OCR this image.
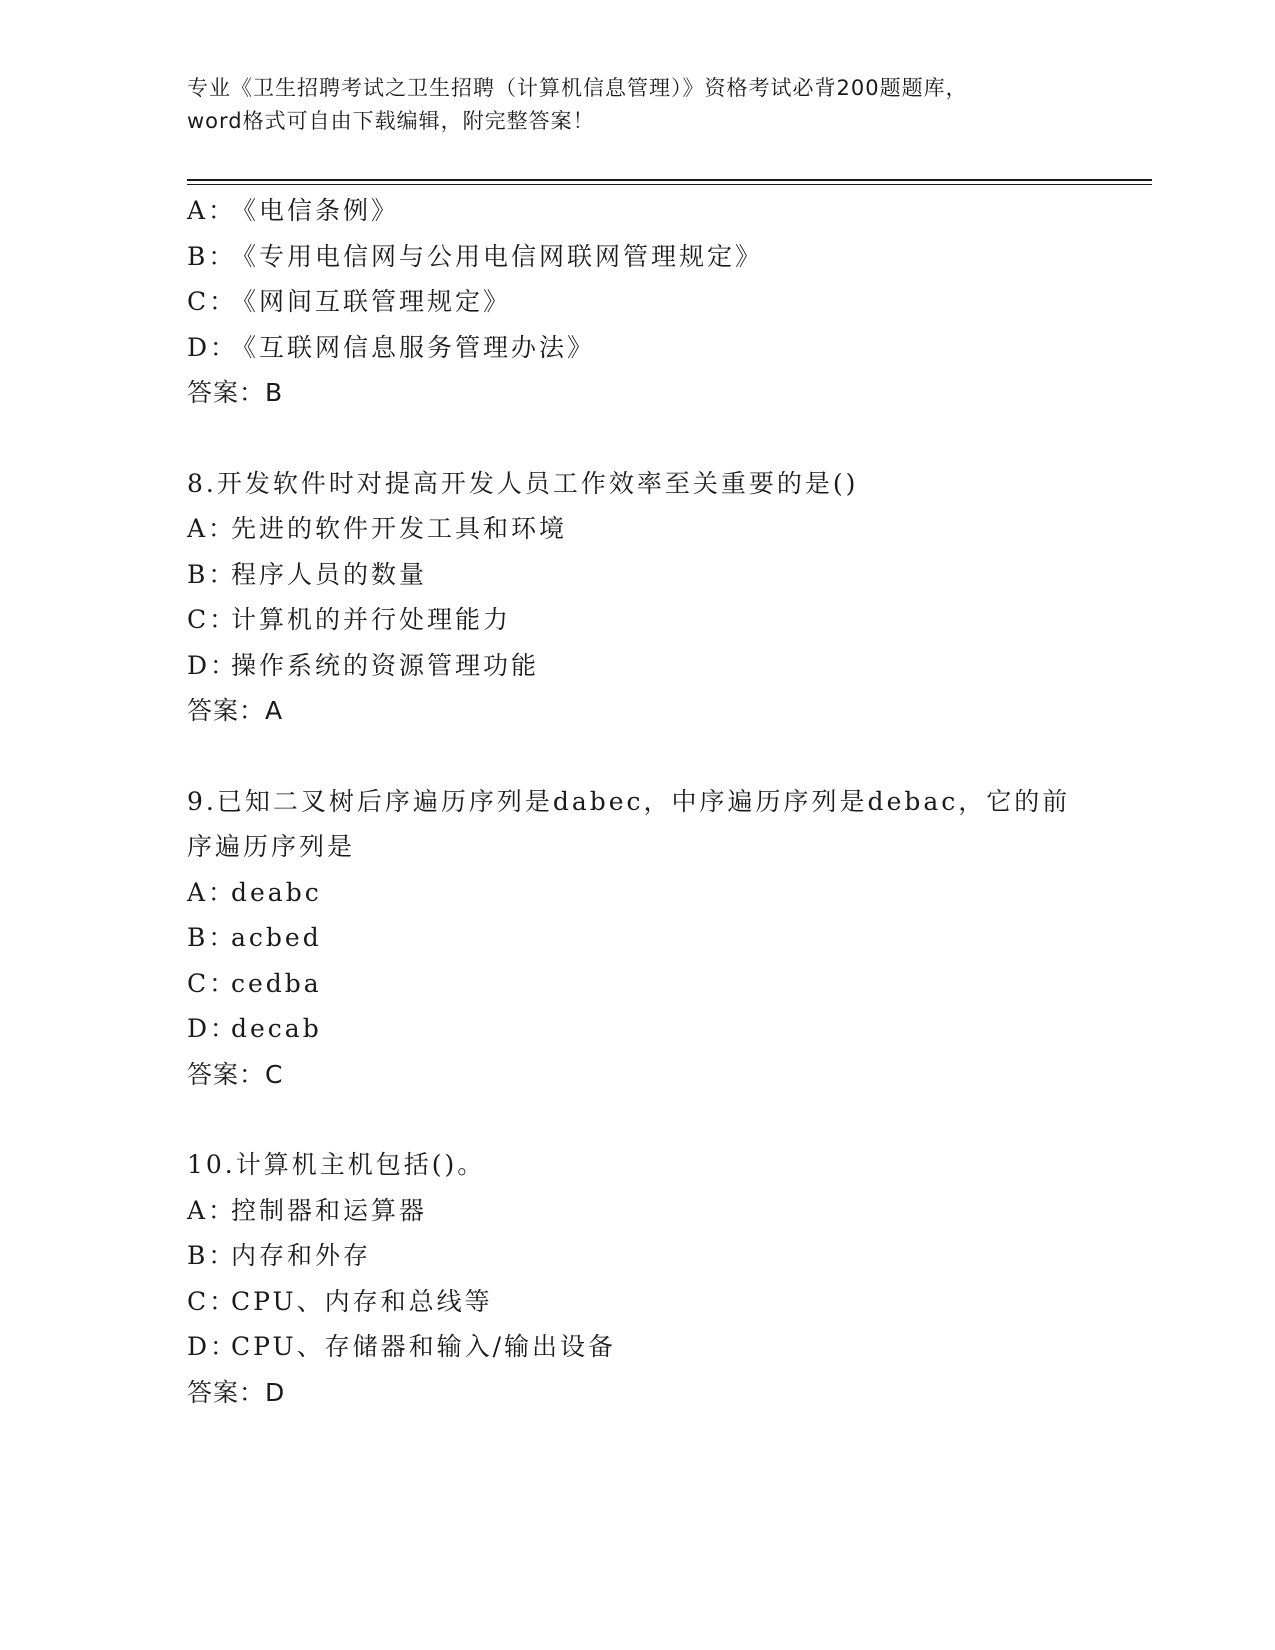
专业《卫生招聘考试之卫生招聘（计算机信息管理）》资格考试必背200题题库，
word格式可自由下载编辑，附完整答案！
A：《电信条例》
B：《专用电信网与公用电信网联网管理规定》
C：《网间互联管理规定》
D：《互联网信息服务管理办法》
答案：B
8.开发软件时对提高开发人员工作效率至关重要的是()
A：先进的软件开发工具和环境
B：程序人员的数量
C：计算机的并行处理能力
D：操作系统的资源管理功能
答案：A
9.已知二叉树后序遍历序列是dabec，中序遍历序列是debac，它的前
序遍历序列是
A：deabc
B：acbed
C：cedba
D：decab
答案：C
10.计算机主机包括()。
A：控制器和运算器
B：内存和外存
C：CPU、内存和总线等
D：CPU、存储器和输入/输出设备
答案：D
